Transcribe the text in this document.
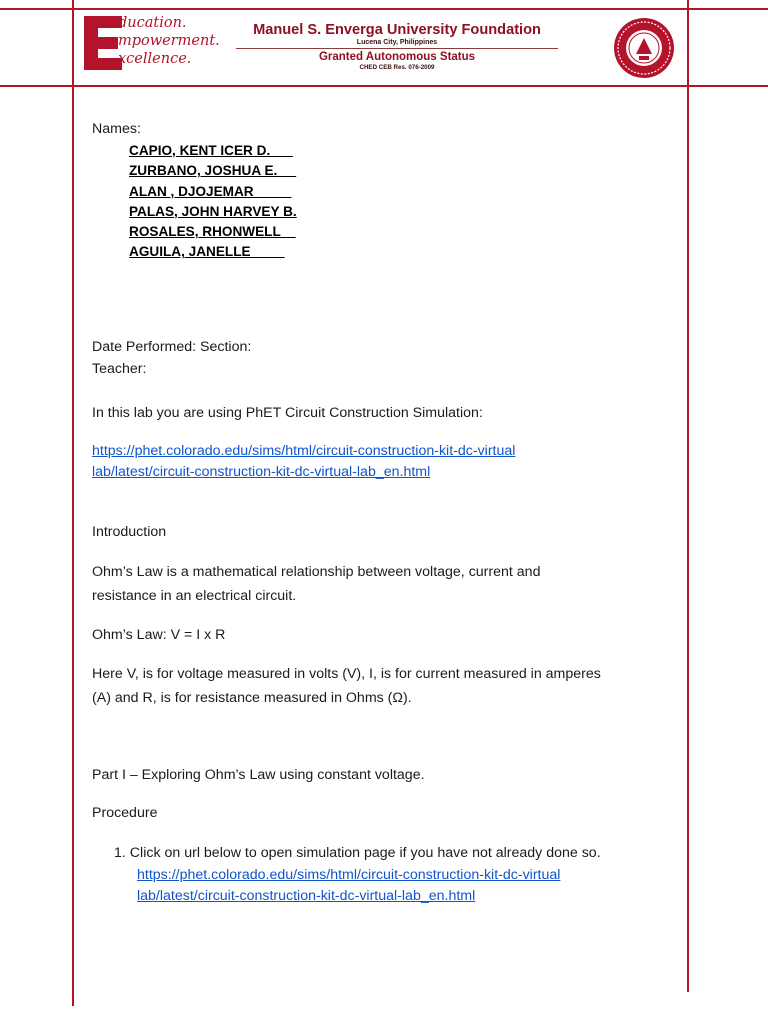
ducation.
mpowerment.
xcellence.
Manuel S. Enverga University Foundation
Lucena City, Philippines
Granted Autonomous Status
CHED CEB Res. 076-2009
Names:
CAPIO, KENT ICER D.
ZURBANO, JOSHUA E.
ALAN , DJOJEMAR
PALAS, JOHN HARVEY B.
ROSALES, RHONWELL
AGUILA, JANELLE
Date Performed: Section:
Teacher:
In this lab you are using PhET Circuit Construction Simulation:
https://phet.colorado.edu/sims/html/circuit-construction-kit-dc-virtual
lab/latest/circuit-construction-kit-dc-virtual-lab_en.html
Introduction
Ohm’s Law is a mathematical relationship between voltage, current and
resistance in an electrical circuit.
Ohm’s Law: V = I x R
Here V, is for voltage measured in volts (V), I, is for current measured in amperes
(A) and R, is for resistance measured in Ohms (Ω).
Part I – Exploring Ohm’s Law using constant voltage.
Procedure
1. Click on url below to open simulation page if you have not already done so.
https://phet.colorado.edu/sims/html/circuit-construction-kit-dc-virtual
lab/latest/circuit-construction-kit-dc-virtual-lab_en.html
